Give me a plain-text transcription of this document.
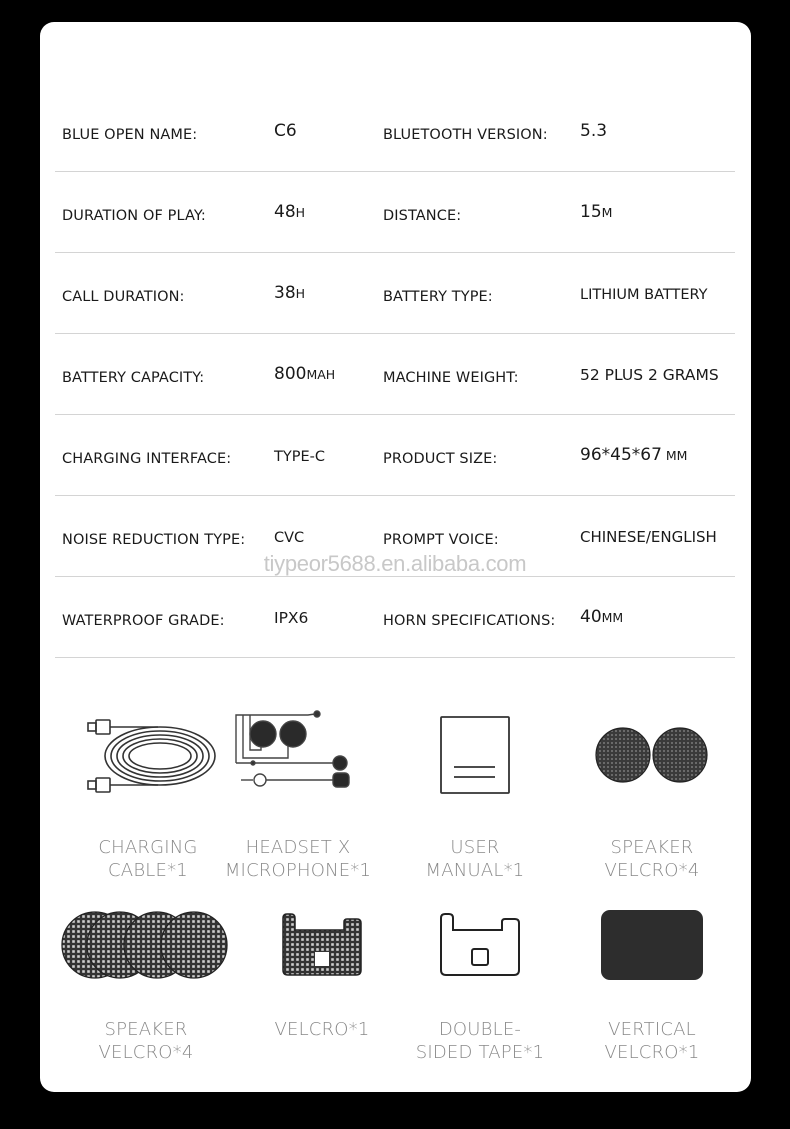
BLUE OPEN NAME:	C6	BLUETOOTH VERSION: 5.3
DURATION OF PLAY:	48H	DISTANCE:	15M
CALL DURATION:	38H	BATTERY TYPE:	LITHIUM BATTERY
BATTERY CAPACITY:	800MAH	MACHINE WEIGHT:	52 PLUS 2 GRAMS
CHARGING INTERFACE:	TYPE-C	PRODUCT SIZE:	96*45*67 MM
NOISE REDUCTION TYPE: CVC	PROMPT VOICE:	CHINESE/ENGLISH
WATERPROOF GRADE:	IPX6	HORN SPECIFICATIONS: 40MM
CHARGING
CABLE*1
HEADSET X
MICROPHONE*1
USER
MANUAL*1
SPEAKER
VELCRO*4
SPEAKER
VELCRO*4
VELCRO*1	DOUBLE-
SIDED TAPE*1
VERTICAL
VELCRO*1
tiypeor5688.en.alibaba.com
